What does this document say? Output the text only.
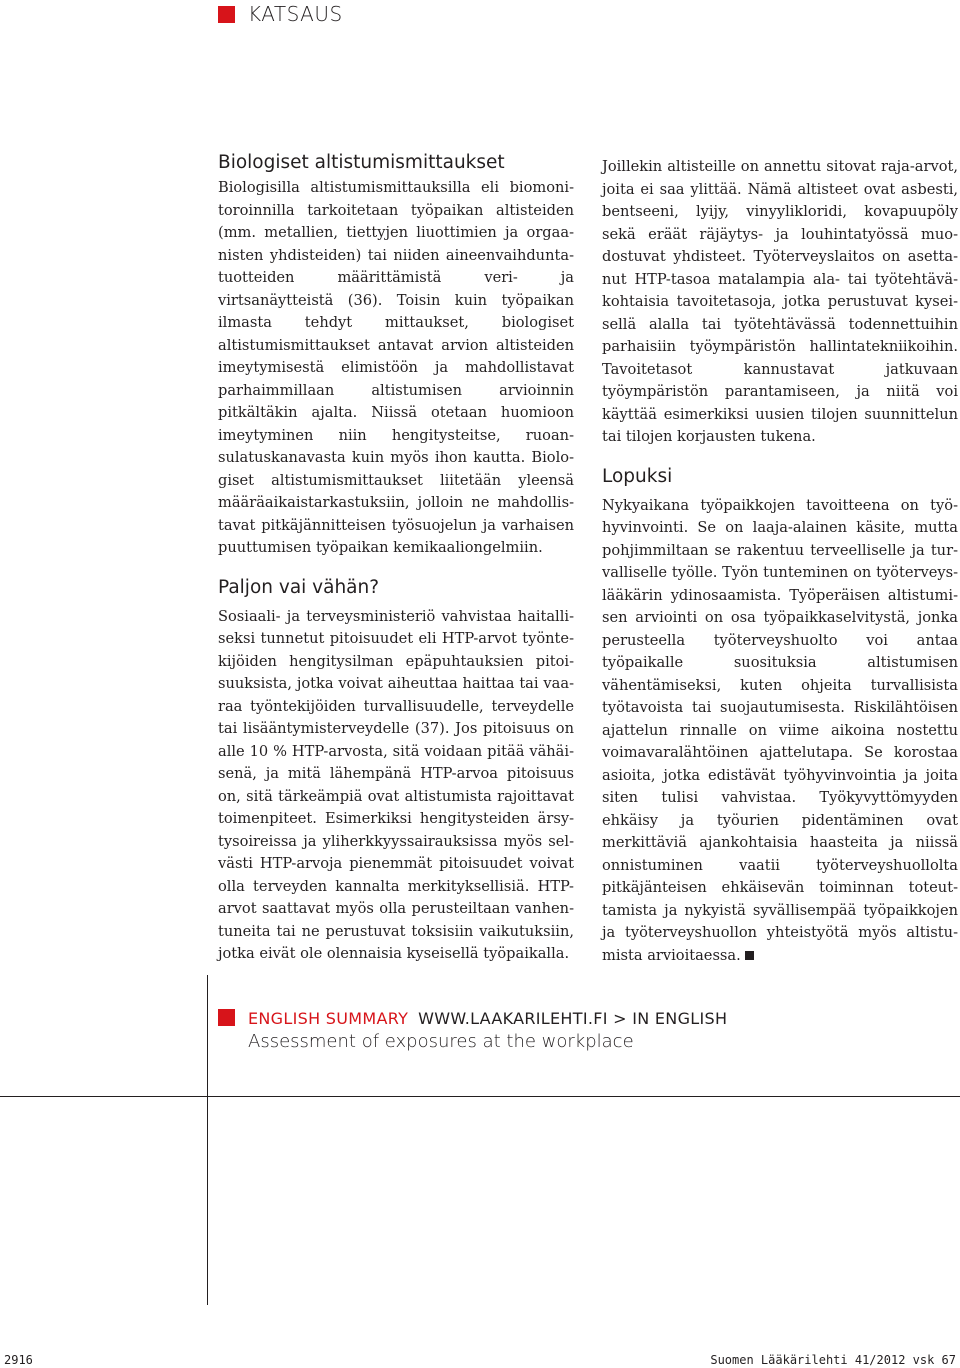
KATSAUS
Biologiset altistumismittaukset

Biologisilla altistumismittauksilla eli biomonitoroinnilla tarkoitetaan työpaikan altisteiden (mm. metallien, tiettyjen liuottimien ja orgaanisten yhdisteiden) tai niiden aineenvaihduntatuotteiden määrittämistä veri- ja virtsanäytteistä (36). Toisin kuin työpaikan ilmasta tehdyt mittaukset, biologiset altistumismittaukset antavat arvion altisteiden imeytymisestä elimistöön ja mahdollistavat parhaimmillaan altistumisen arvioinnin pitkältäkin ajalta. Niissä otetaan huomioon imeytyminen niin hengitysteitse, ruoansulatuskanavasta kuin myös ihon kautta. Biologiset altistumismittaukset liitetään yleensä määräaikaistarkastuksiin, jolloin ne mahdollistavat pitkäjännitteisen työsuojelun ja varhaisen puuttumisen työpaikan kemikaaliongelmiin.

Paljon vai vähän?

Sosiaali- ja terveysministeriö vahvistaa haitalliseksi tunnetut pitoisuudet eli HTP-arvot työntekijöiden hengitysilman epäpuhtauksien pitoisuuksista, jotka voivat aiheuttaa haittaa tai vaaraa työntekijöiden turvallisuudelle, terveydelle tai lisääntymisterveydelle (37). Jos pitoisuus on alle 10 % HTP-arvosta, sitä voidaan pitää vähäisenä, ja mitä lähempänä HTP-arvoa pitoisuus on, sitä tärkeämpiä ovat altistumista rajoittavat toimenpiteet. Esimerkiksi hengitysteiden ärsytysoireissa ja yliherkkyyssairauksissa myös selvästi HTP-arvoja pienemmät pitoisuudet voivat olla terveyden kannalta merkityksellisiä. HTP-arvot saattavat myös olla perusteiltaan vanhentuneita tai ne perustuvat toksisiin vaikutuksiin, jotka eivät ole olennaisia kyseisellä työpaikalla.

Joillekin altisteille on annettu sitovat raja-arvot, joita ei saa ylittää. Nämä altisteet ovat asbesti, bentseeni, lyijy, vinyylikloridi, kovapuupöly sekä eräät räjäytys- ja louhintatyössä muodostuvat yhdisteet. Työterveyslaitos on asettanut HTP-tasoa matalampia ala- tai työtehtäväkohtaisia tavoitetasoja, jotka perustuvat kyseisellä alalla tai työtehtävässä todennettuihin parhaisiin työympäristön hallintatekniikoihin. Tavoitetasot kannustavat jatkuvaan työympäristön parantamiseen, ja niitä voi käyttää esimerkiksi uusien tilojen suunnittelun tai tilojen korjausten tukena.

Lopuksi

Nykyaikana työpaikkojen tavoitteena on työhyvinvointi. Se on laaja-alainen käsite, mutta pohjimmiltaan se rakentuu terveelliselle ja turvalliselle työlle. Työn tunteminen on työterveyslääkärin ydinosaamista. Työperäisen altistumisen arviointi on osa työpaikkaselvitystä, jonka perusteella työterveyshuolto voi antaa työpaikalle suosituksia altistumisen vähentämiseksi, kuten ohjeita turvallisista työtavoista tai suojautumisesta. Riskilähtöisen ajattelun rinnalle on viime aikoina nostettu voimavaralähtöinen ajattelutapa. Se korostaa asioita, jotka edistävät työhyvinvointia ja joita siten tulisi vahvistaa. Työkyvyttömyyden ehkäisy ja työurien pidentäminen ovat merkittäviä ajankohtaisia haasteita ja niissä onnistuminen vaatii työterveyshuollolta pitkäjänteisen ehkäisevän toiminnan toteuttamista ja nykyistä syvällisempää työpaikkojen ja työterveyshuollon yhteistyötä myös altistumista arvioitaessa.

ENGLISH SUMMARY WWW.LAAKARILEHTI.FI > IN ENGLISH
Assessment of exposures at the workplace
2916	Suomen Lääkärilehti 41/2012 vsk 67
